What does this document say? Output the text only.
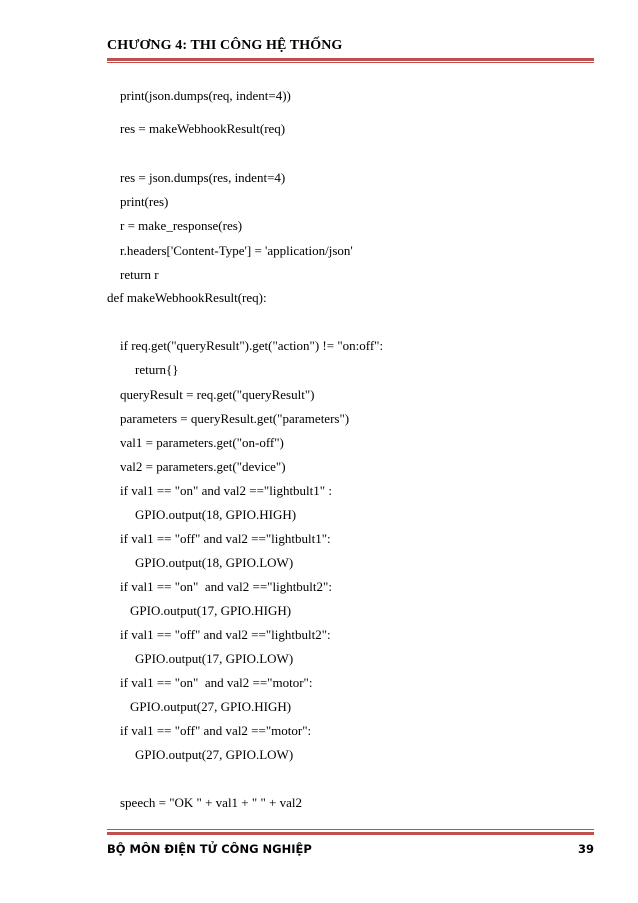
CHƯƠNG 4: THI CÔNG HỆ THỐNG
print(json.dumps(req, indent=4))
res = makeWebhookResult(req)
res = json.dumps(res, indent=4)
print(res)
r = make_response(res)
r.headers['Content-Type'] = 'application/json'
return r
def makeWebhookResult(req):
if req.get("queryResult").get("action") != "on:off":
return{}
queryResult = req.get("queryResult")
parameters = queryResult.get("parameters")
val1 = parameters.get("on-off")
val2 = parameters.get("device")
if val1 == "on" and val2 =="lightbult1" :
GPIO.output(18, GPIO.HIGH)
if val1 == "off" and val2 =="lightbult1":
GPIO.output(18, GPIO.LOW)
if val1 == "on"  and val2 =="lightbult2":
GPIO.output(17, GPIO.HIGH)
if val1 == "off" and val2 =="lightbult2":
GPIO.output(17, GPIO.LOW)
if val1 == "on"  and val2 =="motor":
GPIO.output(27, GPIO.HIGH)
if val1 == "off" and val2 =="motor":
GPIO.output(27, GPIO.LOW)
speech = "OK " + val1 + " " + val2
BỘ MÔN ĐIỆN TỬ CÔNG NGHIỆP	39
